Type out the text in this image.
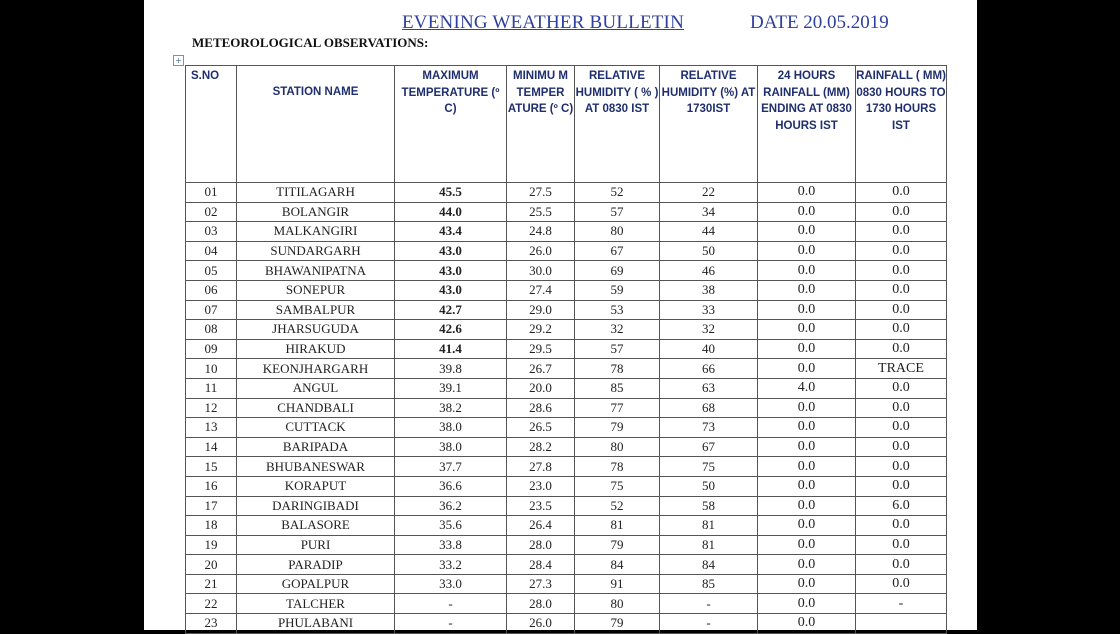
EVENING WEATHER BULLETIN	DATE 20.05.2019
METEOROLOGICAL OBSERVATIONS:
+
S.NO	STATION NAME	MAXIMUM TEMPERATURE (º C)	MINIMU M TEMPER ATURE (º C)	RELATIVE HUMIDITY ( % ) AT 0830 IST	RELATIVE HUMIDITY (%) AT 1730IST	24 HOURS RAINFALL (MM) ENDING AT 0830 HOURS IST	RAINFALL ( MM) 0830 HOURS TO 1730 HOURS IST
01	TITILAGARH	45.5	27.5	52	22	0.0	0.0
02	BOLANGIR	44.0	25.5	57	34	0.0	0.0
03	MALKANGIRI	43.4	24.8	80	44	0.0	0.0
04	SUNDARGARH	43.0	26.0	67	50	0.0	0.0
05	BHAWANIPATNA	43.0	30.0	69	46	0.0	0.0
06	SONEPUR	43.0	27.4	59	38	0.0	0.0
07	SAMBALPUR	42.7	29.0	53	33	0.0	0.0
08	JHARSUGUDA	42.6	29.2	32	32	0.0	0.0
09	HIRAKUD	41.4	29.5	57	40	0.0	0.0
10	KEONJHARGARH	39.8	26.7	78	66	0.0	TRACE
11	ANGUL	39.1	20.0	85	63	4.0	0.0
12	CHANDBALI	38.2	28.6	77	68	0.0	0.0
13	CUTTACK	38.0	26.5	79	73	0.0	0.0
14	BARIPADA	38.0	28.2	80	67	0.0	0.0
15	BHUBANESWAR	37.7	27.8	78	75	0.0	0.0
16	KORAPUT	36.6	23.0	75	50	0.0	0.0
17	DARINGIBADI	36.2	23.5	52	58	0.0	6.0
18	BALASORE	35.6	26.4	81	81	0.0	0.0
19	PURI	33.8	28.0	79	81	0.0	0.0
20	PARADIP	33.2	28.4	84	84	0.0	0.0
21	GOPALPUR	33.0	27.3	91	85	0.0	0.0
22	TALCHER	-	28.0	80	-	0.0	-
23	PHULABANI	-	26.0	79	-	0.0	
